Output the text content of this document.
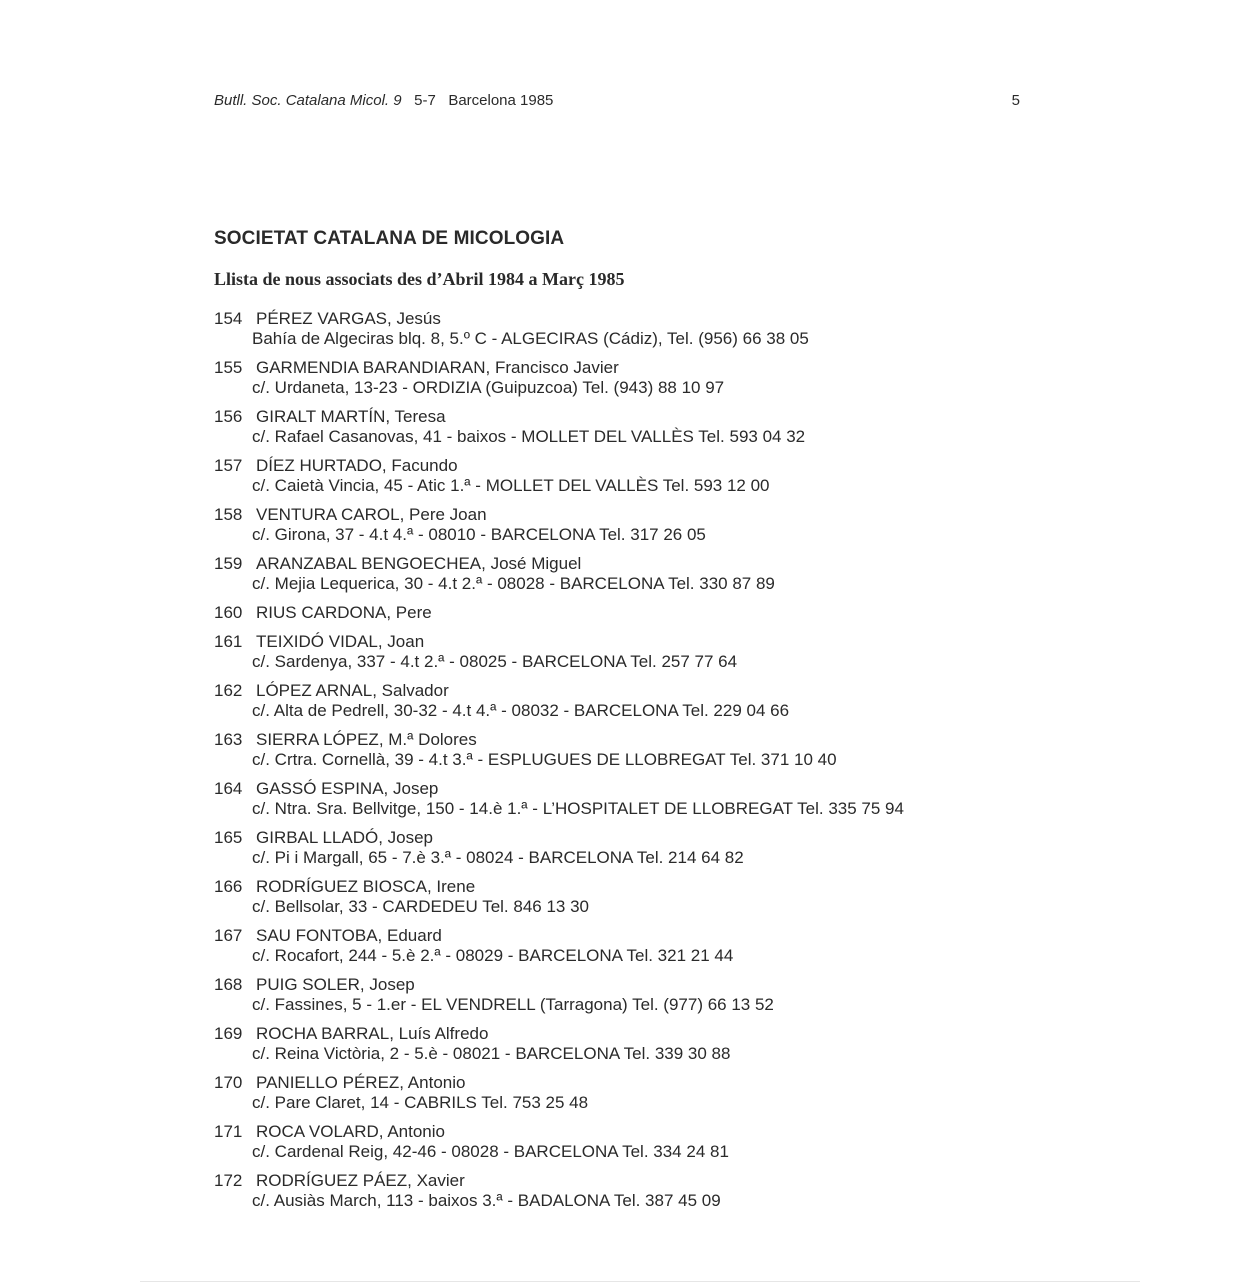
Butll. Soc. Catalana Micol. 9 5-7 Barcelona 1985	5
SOCIETAT CATALANA DE MICOLOGIA
Llista de nous associats des d’Abril 1984 a Març 1985
154 PÉREZ VARGAS, Jesús
Bahía de Algeciras blq. 8, 5.º C - ALGECIRAS (Cádiz), Tel. (956) 66 38 05
155 GARMENDIA BARANDIARAN, Francisco Javier
c/. Urdaneta, 13-23 - ORDIZIA (Guipuzcoa) Tel. (943) 88 10 97
156 GIRALT MARTÍN, Teresa
c/. Rafael Casanovas, 41 - baixos - MOLLET DEL VALLÈS Tel. 593 04 32
157 DÍEZ HURTADO, Facundo
c/. Caietà Vincia, 45 - Atic 1.ª - MOLLET DEL VALLÈS Tel. 593 12 00
158 VENTURA CAROL, Pere Joan
c/. Girona, 37 - 4.t 4.ª - 08010 - BARCELONA Tel. 317 26 05
159 ARANZABAL BENGOECHEA, José Miguel
c/. Mejia Lequerica, 30 - 4.t 2.ª - 08028 - BARCELONA Tel. 330 87 89
160 RIUS CARDONA, Pere
161 TEIXIDÓ VIDAL, Joan
c/. Sardenya, 337 - 4.t 2.ª - 08025 - BARCELONA Tel. 257 77 64
162 LÓPEZ ARNAL, Salvador
c/. Alta de Pedrell, 30-32 - 4.t 4.ª - 08032 - BARCELONA Tel. 229 04 66
163 SIERRA LÓPEZ, M.ª Dolores
c/. Crtra. Cornellà, 39 - 4.t 3.ª - ESPLUGUES DE LLOBREGAT Tel. 371 10 40
164 GASSÓ ESPINA, Josep
c/. Ntra. Sra. Bellvitge, 150 - 14.è 1.ª - L’HOSPITALET DE LLOBREGAT Tel. 335 75 94
165 GIRBAL LLADÓ, Josep
c/. Pi i Margall, 65 - 7.è 3.ª - 08024 - BARCELONA Tel. 214 64 82
166 RODRÍGUEZ BIOSCA, Irene
c/. Bellsolar, 33 - CARDEDEU Tel. 846 13 30
167 SAU FONTOBA, Eduard
c/. Rocafort, 244 - 5.è 2.ª - 08029 - BARCELONA Tel. 321 21 44
168 PUIG SOLER, Josep
c/. Fassines, 5 - 1.er - EL VENDRELL (Tarragona) Tel. (977) 66 13 52
169 ROCHA BARRAL, Luís Alfredo
c/. Reina Victòria, 2 - 5.è - 08021 - BARCELONA Tel. 339 30 88
170 PANIELLO PÉREZ, Antonio
c/. Pare Claret, 14 - CABRILS Tel. 753 25 48
171 ROCA VOLARD, Antonio
c/. Cardenal Reig, 42-46 - 08028 - BARCELONA Tel. 334 24 81
172 RODRÍGUEZ PÁEZ, Xavier
c/. Ausiàs March, 113 - baixos 3.ª - BADALONA Tel. 387 45 09
